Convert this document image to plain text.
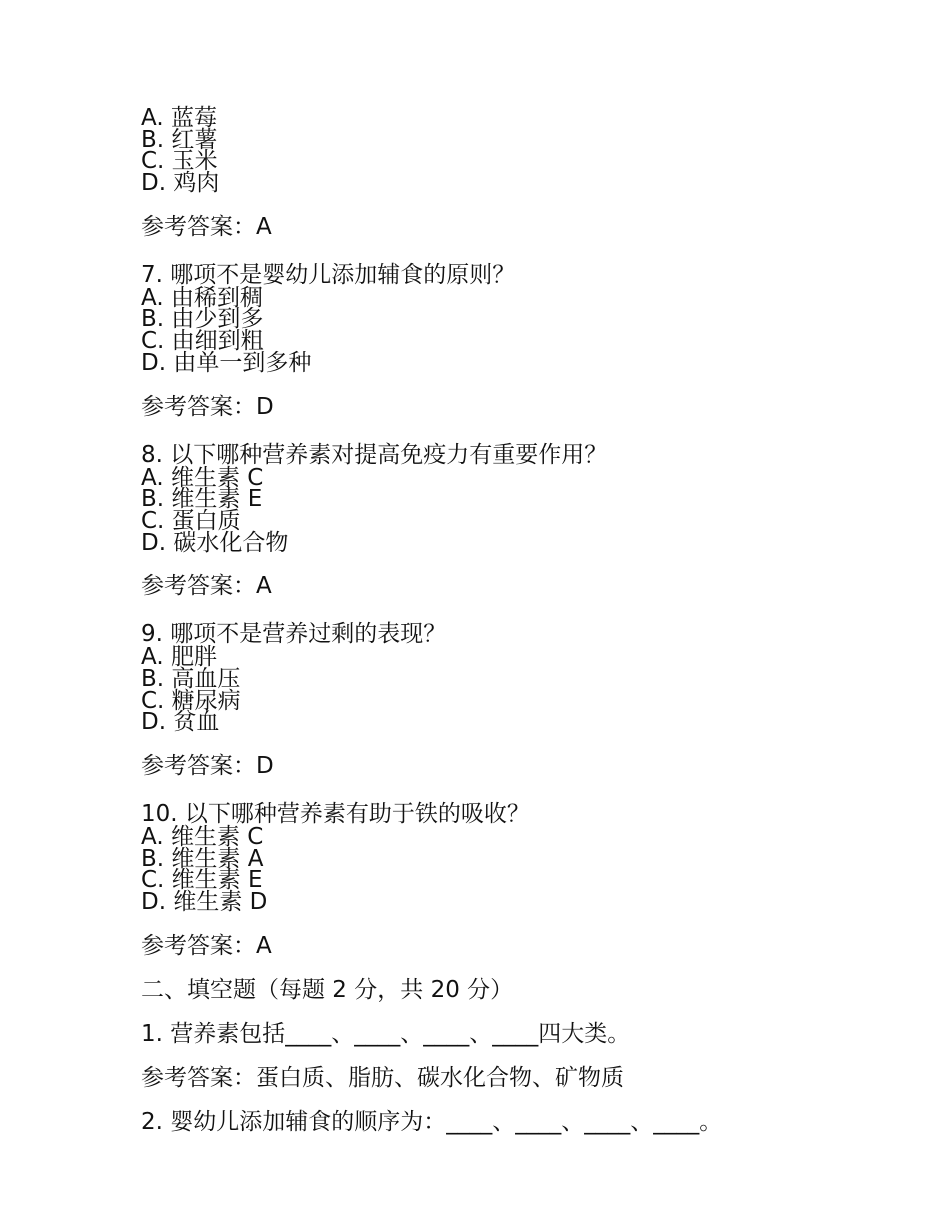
A. 蓝莓
B. 红薯
C. 玉米
D. 鸡肉
参考答案：A
7. 哪项不是婴幼儿添加辅食的原则？
A. 由稀到稠
B. 由少到多
C. 由细到粗
D. 由单一到多种
参考答案：D
8. 以下哪种营养素对提高免疫力有重要作用？
A. 维生素 C
B. 维生素 E
C. 蛋白质
D. 碳水化合物
参考答案：A
9. 哪项不是营养过剩的表现？
A. 肥胖
B. 高血压
C. 糖尿病
D. 贫血
参考答案：D
10. 以下哪种营养素有助于铁的吸收？
A. 维生素 C
B. 维生素 A
C. 维生素 E
D. 维生素 D
参考答案：A
二、填空题（每题 2 分，共 20 分）
1. 营养素包括____、____、____、____四大类。
参考答案：蛋白质、脂肪、碳水化合物、矿物质
2. 婴幼儿添加辅食的顺序为：____、____、____、____。
